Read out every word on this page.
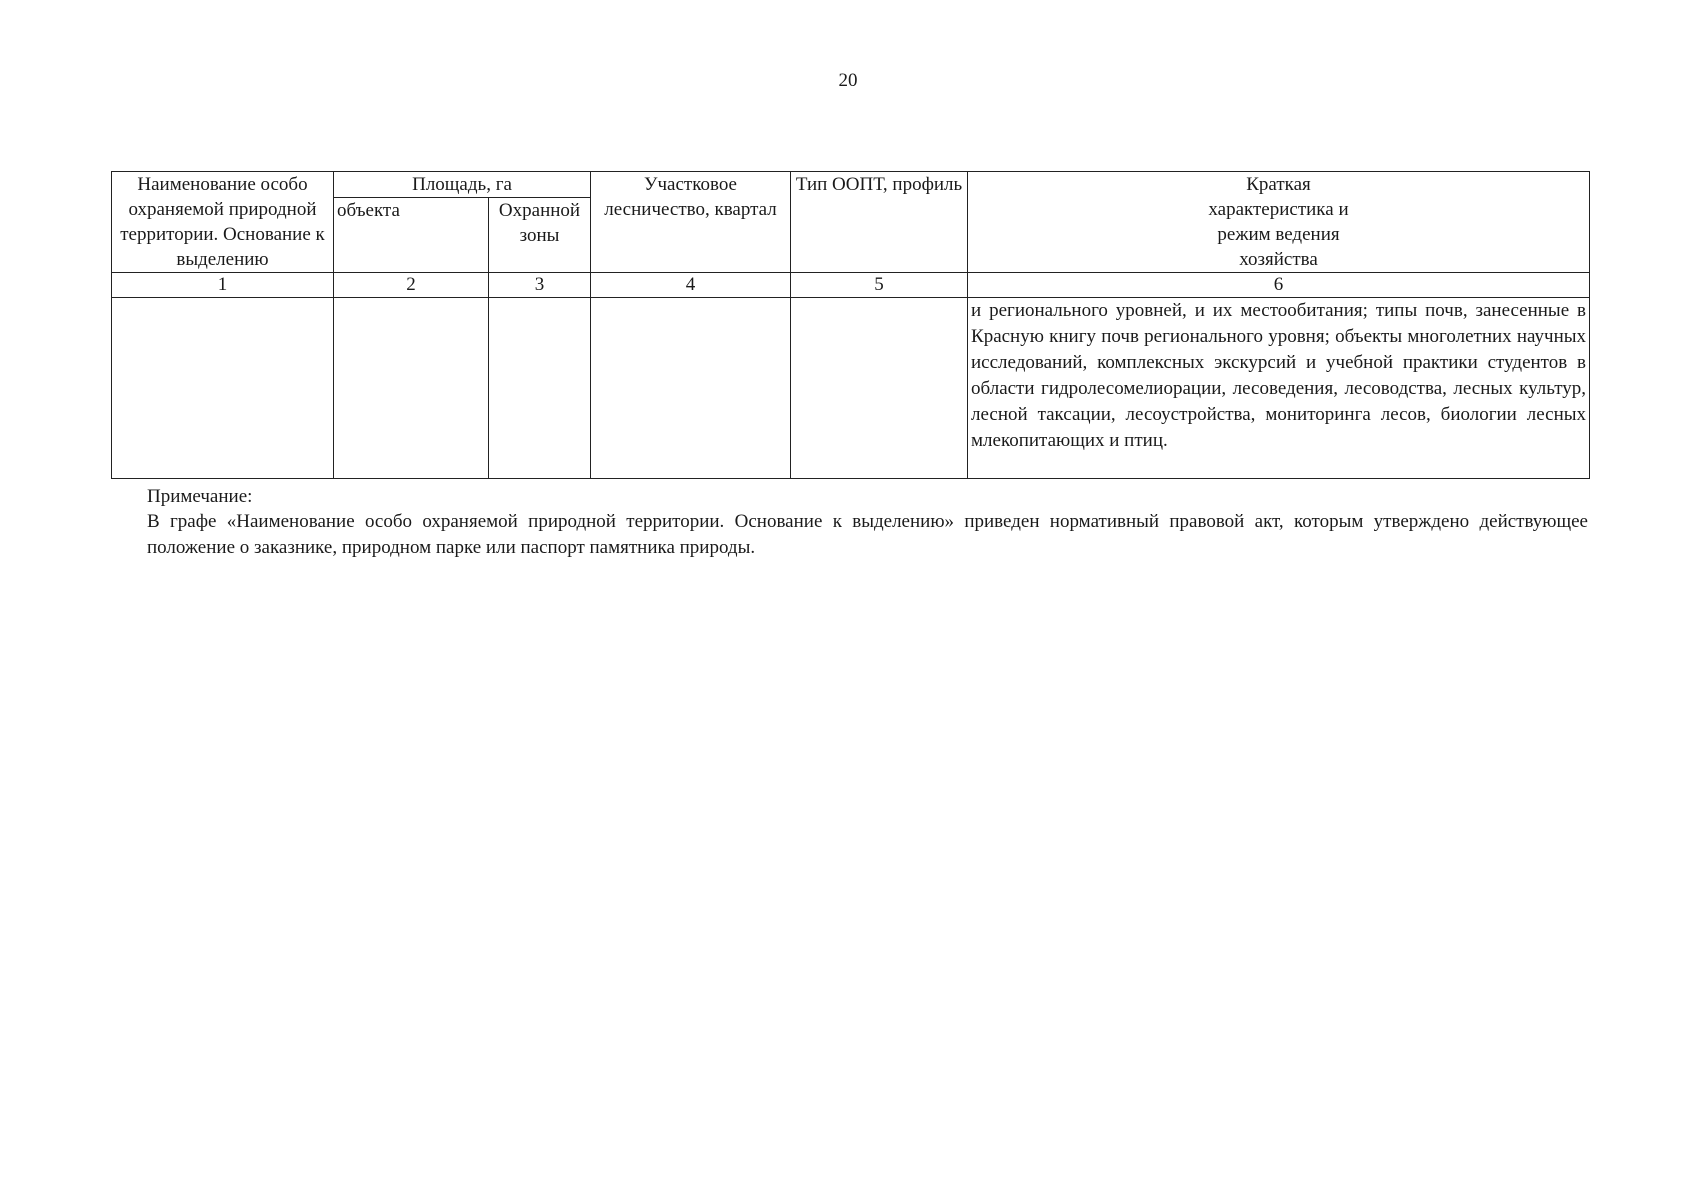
20
Наименование особо охраняемой природной территории. Основание к выделению	Площадь, га		Участковое лесничество, квартал	Тип ООПТ, профиль	Краткая характеристика и режим ведения хозяйства
	объекта	Охранной зоны			
1	2	3	4	5	6
					и регионального уровней, и их местообитания; типы почв, занесенные в Красную книгу почв регионального уровня; объекты многолетних научных исследований, комплексных экскурсий и учебной практики студентов в области гидролесомелиорации, лесоведения, лесоводства, лесных культур, лесной таксации, лесоустройства, мониторинга лесов, биологии лесных млекопитающих и птиц.
Примечание:
В графе «Наименование особо охраняемой природной территории. Основание к выделению» приведен нормативный правовой акт, которым утверждено действующее положение о заказнике, природном парке или паспорт памятника природы.
